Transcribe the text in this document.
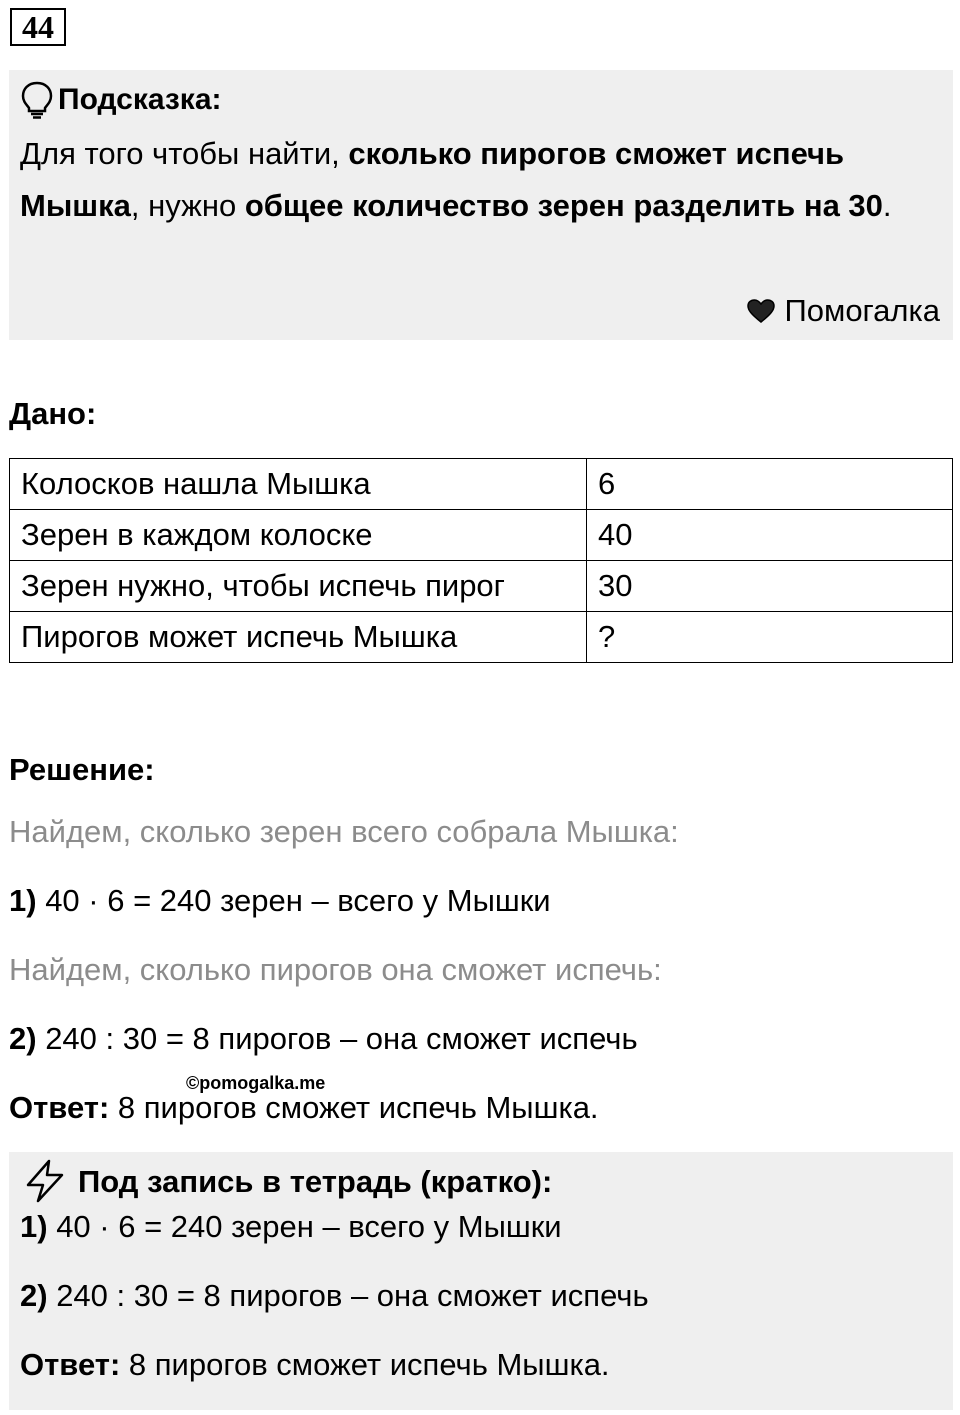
44
Подсказка:
Для того чтобы найти, сколько пирогов сможет испечь Мышка, нужно общее количество зерен разделить на 30.
Помогалка
Дано:
Колосков нашла Мышка	6
Зерен в каждом колоске	40
Зерен нужно, чтобы испечь пирог	30
Пирогов может испечь Мышка	?
Решение:
Найдем, сколько зерен всего собрала Мышка:
1) 40 · 6 = 240 зерен – всего у Мышки
Найдем, сколько пирогов она сможет испечь:
2) 240 : 30 = 8 пирогов – она сможет испечь
Ответ: 8 пирогов сможет испечь Мышка.
©pomogalka.me
Под запись в тетрадь (кратко):
1) 40 · 6 = 240 зерен – всего у Мышки
2) 240 : 30 = 8 пирогов – она сможет испечь
Ответ: 8 пирогов сможет испечь Мышка.
